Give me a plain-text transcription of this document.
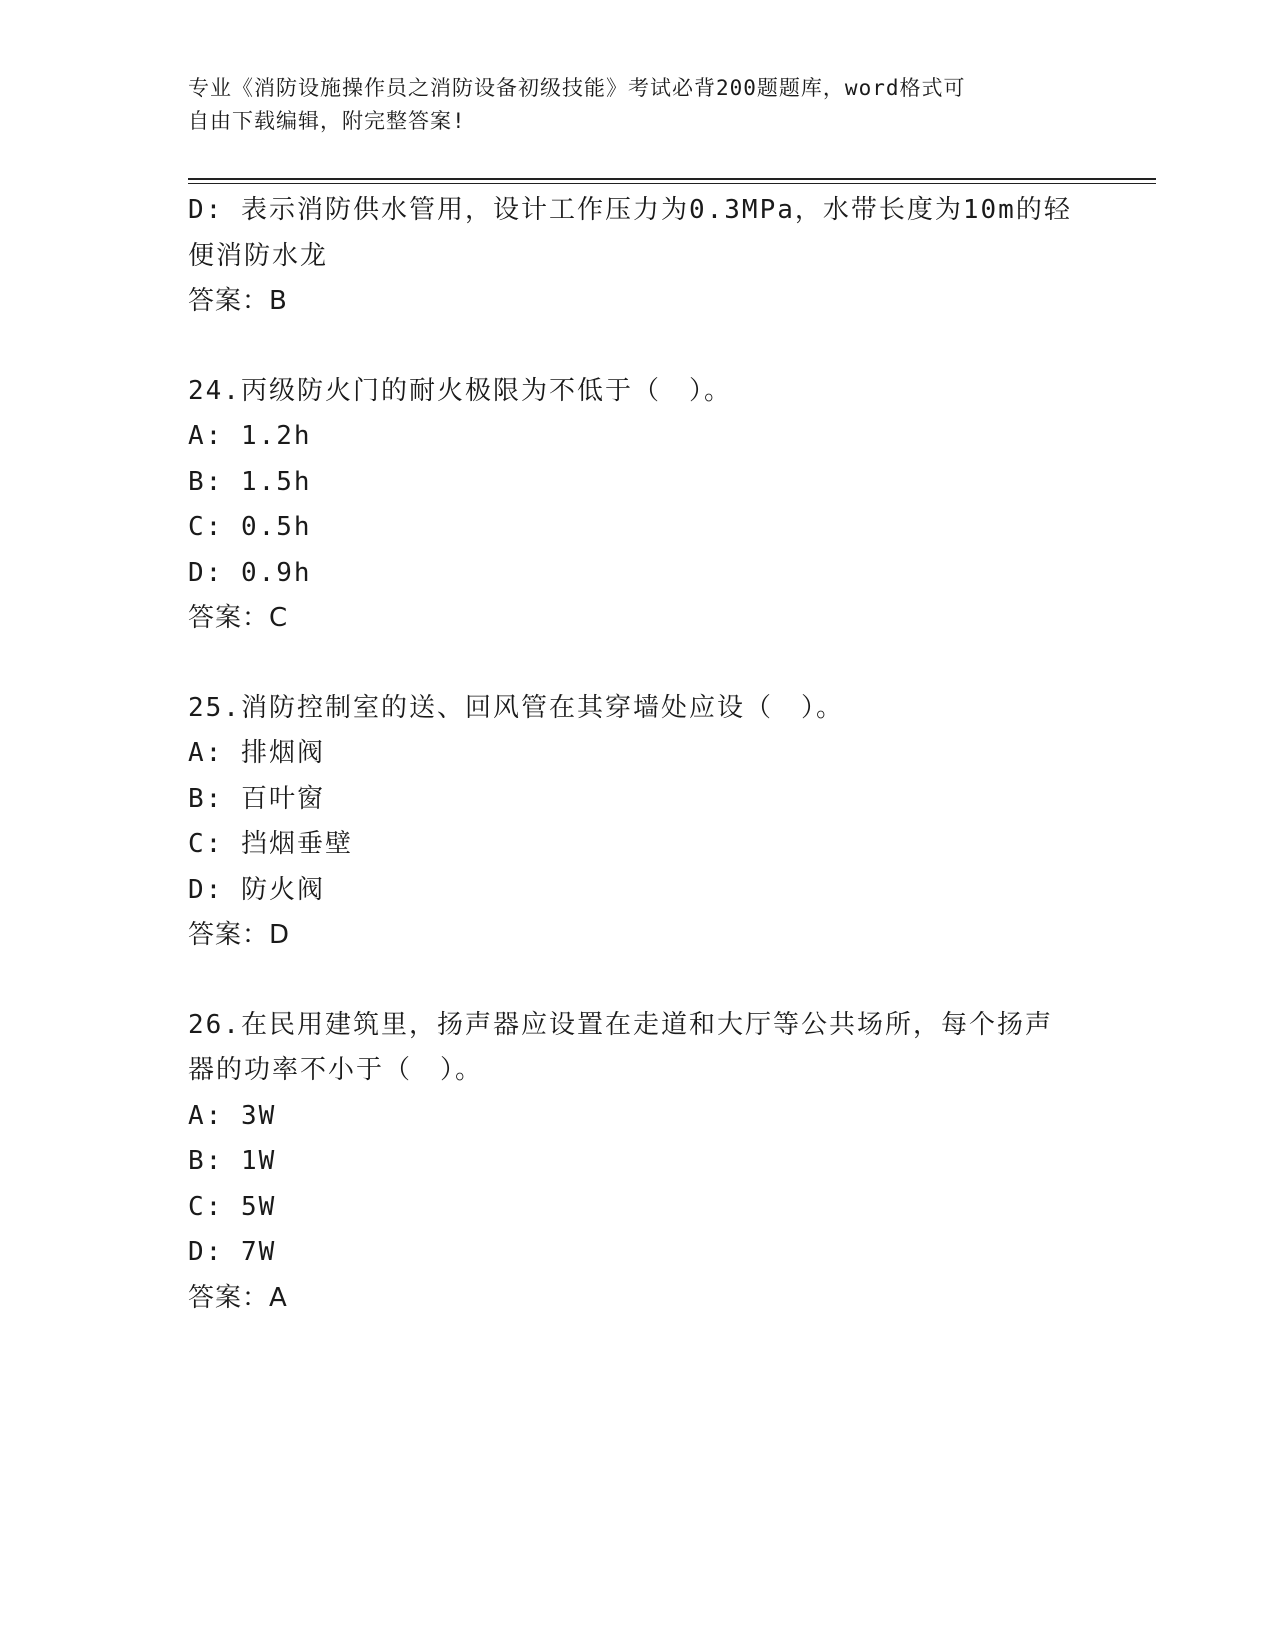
专业《消防设施操作员之消防设备初级技能》考试必背200题题库，word格式可
自由下载编辑，附完整答案!
D: 表示消防供水管用，设计工作压力为0.3MPa，水带长度为10m的轻
便消防水龙
答案：B
24.丙级防火门的耐火极限为不低于（　）。
A: 1.2h
B: 1.5h
C: 0.5h
D: 0.9h
答案：C
25.消防控制室的送、回风管在其穿墙处应设（　）。
A: 排烟阀
B: 百叶窗
C: 挡烟垂壁
D: 防火阀
答案：D
26.在民用建筑里，扬声器应设置在走道和大厅等公共场所，每个扬声
器的功率不小于（　）。
A: 3W
B: 1W
C: 5W
D: 7W
答案：A
